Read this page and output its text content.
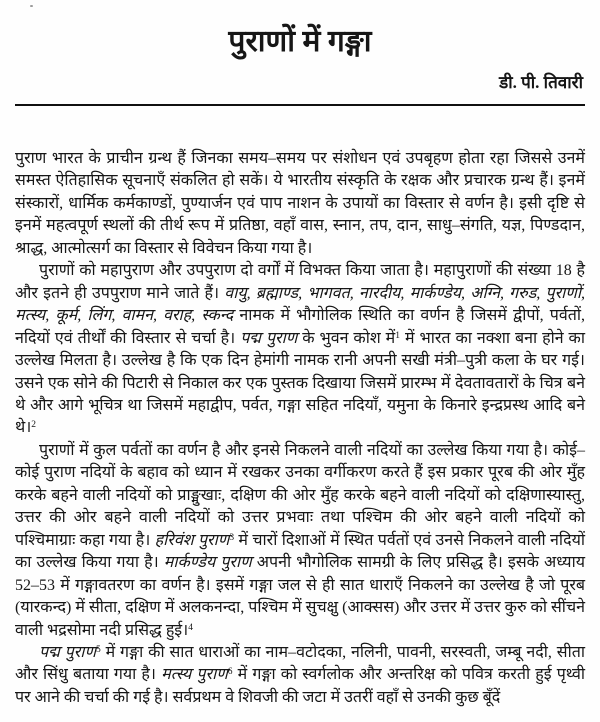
पुराणों में गङ्गा
डी. पी. तिवारी

पुराण भारत के प्राचीन ग्रन्थ हैं जिनका समय–समय पर संशोधन एवं उपबृहण होता रहा जिससे उनमें समस्त ऐतिहासिक सूचनाएँ संकलित हो सकें। ये भारतीय संस्कृति के रक्षक और प्रचारक ग्रन्थ हैं। इनमें संस्कारों, धार्मिक कर्मकाण्डों, पुण्यार्जन एवं पाप नाशन के उपायों का विस्तार से वर्णन है। इसी दृष्टि से इनमें महत्वपूर्ण स्थलों की तीर्थ रूप में प्रतिष्ठा, वहाँ वास, स्नान, तप, दान, साधु–संगति, यज्ञ, पिण्डदान, श्राद्ध, आत्मोत्सर्ग का विस्तार से विवेचन किया गया है।

पुराणों को महापुराण और उपपुराण दो वर्गों में विभक्त किया जाता है। महापुराणों की संख्या 18 है और इतने ही उपपुराण माने जाते हैं। वायु, ब्रह्माण्ड, भागवत, नारदीय, मार्कण्डेय, अग्नि, गरुड, पुराणों, मत्स्य, कूर्म, लिंग, वामन, वराह, स्कन्द नामक में भौगोलिक स्थिति का वर्णन है जिसमें द्वीपों, पर्वतों, नदियों एवं तीर्थों की विस्तार से चर्चा है। पद्म पुराण के भुवन कोश में$^1$ में भारत का नक्शा बना होने का उल्लेख मिलता है। उल्लेख है कि एक दिन हेमांगी नामक रानी अपनी सखी मंत्री–पुत्री कला के घर गई। उसने एक सोने की पिटारी से निकाल कर एक पुस्तक दिखाया जिसमें प्रारम्भ में देवतावतारों के चित्र बने थे और आगे भूचित्र था जिसमें महाद्वीप, पर्वत, गङ्गा सहित नदियाँ, यमुना के किनारे इन्द्रप्रस्थ आदि बने थे।$^2$

पुराणों में कुल पर्वतों का वर्णन है और इनसे निकलने वाली नदियों का उल्लेख किया गया है। कोई–कोई पुराण नदियों के बहाव को ध्यान में रखकर उनका वर्गीकरण करते हैं इस प्रकार पूरब की ओर मुँह करके बहने वाली नदियों को प्राङ्मुखाः, दक्षिण की ओर मुँह करके बहने वाली नदियों को दक्षिणास्यास्तु, उत्तर की ओर बहने वाली नदियों को उत्तर प्रभवाः तथा पश्चिम की ओर बहने वाली नदियों को पश्चिमाग्राः कहा गया है। हरिवंश पुराण$^3$ में चारों दिशाओं में स्थित पर्वतों एवं उनसे निकलने वाली नदियों का उल्लेख किया गया है। मार्कण्डेय पुराण अपनी भौगोलिक सामग्री के लिए प्रसिद्ध है। इसके अध्याय 52–53 में गङ्गावतरण का वर्णन है। इसमें गङ्गा जल से ही सात धाराएँ निकलने का उल्लेख है जो पूरब (यारकन्द) में सीता, दक्षिण में अलकनन्दा, पश्चिम में सुचक्षु (आक्सस) और उत्तर में उत्तर कुरु को सींचने वाली भद्रसोमा नदी प्रसिद्ध हुई।$^4$

पद्म पुराण$^5$ में गङ्गा की सात धाराओं का नाम–वटोदका, नलिनी, पावनी, सरस्वती, जम्बू नदी, सीता और सिंधु बताया गया है। मत्स्य पुराण$^6$ में गङ्गा को स्वर्गलोक और अन्तरिक्ष को पवित्र करती हुई पृथ्वी पर आने की चर्चा की गई है। सर्वप्रथम वे शिवजी की जटा में उतरीं वहाँ से उनकी कुछ बूँदें
